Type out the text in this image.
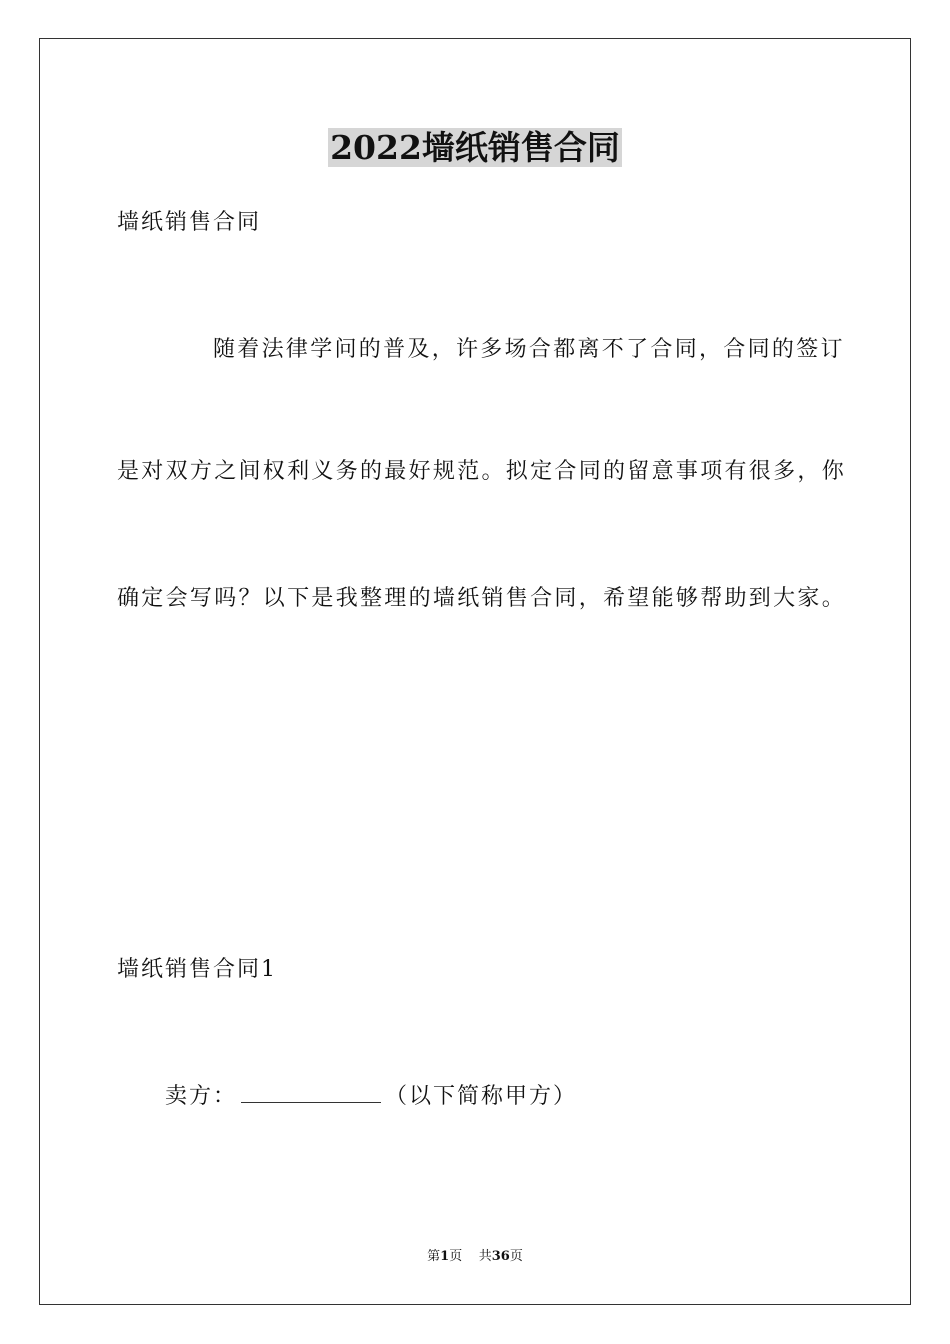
2022墙纸销售合同
墙纸销售合同
随着法律学问的普及，许多场合都离不了合同，合同的签订
是对双方之间权利义务的最好规范。拟定合同的留意事项有很多，你
确定会写吗？以下是我整理的墙纸销售合同，希望能够帮助到大家。
墙纸销售合同1
卖方：	（以下简称甲方）
第1页 共36页
